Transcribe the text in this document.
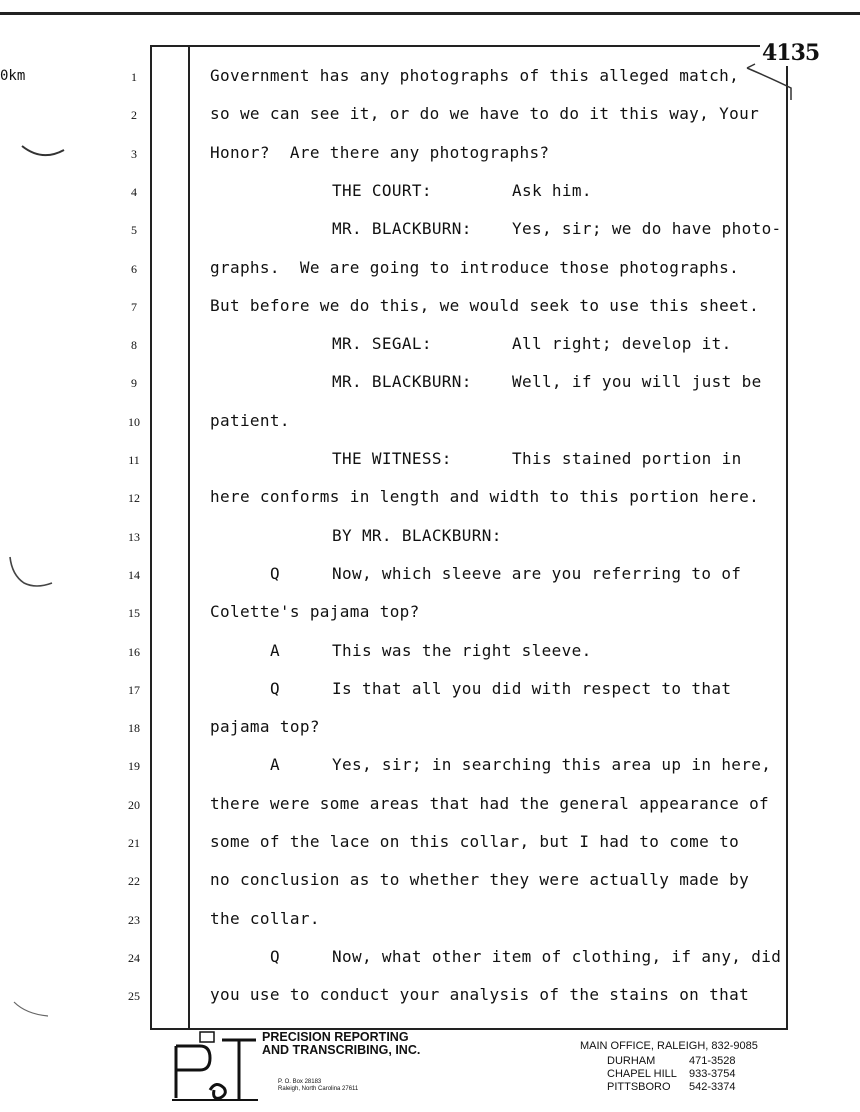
0km
4135
1	Government has any photographs of this alleged match,
2	so we can see it, or do we have to do it this way, Your
3	Honor?  Are there any photographs?
4	THE COURT:	Ask him.
5	MR. BLACKBURN:	Yes, sir; we do have photo-
6	graphs.  We are going to introduce those photographs.
7	But before we do this, we would seek to use this sheet.
8	MR. SEGAL:	All right; develop it.
9	MR. BLACKBURN:	Well, if you will just be
10	patient.
11	THE WITNESS:	This stained portion in
12	here conforms in length and width to this portion here.
13	BY MR. BLACKBURN:
14	Q	Now, which sleeve are you referring to of
15	Colette's pajama top?
16	A	This was the right sleeve.
17	Q	Is that all you did with respect to that
18	pajama top?
19	A	Yes, sir; in searching this area up in here,
20	there were some areas that had the general appearance of
21	some of the lace on this collar, but I had to come to
22	no conclusion as to whether they were actually made by
23	the collar.
24	Q	Now, what other item of clothing, if any, did
25	you use to conduct your analysis of the stains on that
PRECISION REPORTING
AND TRANSCRIBING, INC.
P. O. Box 28183
Raleigh, North Carolina 27611
MAIN OFFICE, RALEIGH, 832-9085
DURHAM	471-3528
CHAPEL HILL 933-3754
PITTSBORO 542-3374
